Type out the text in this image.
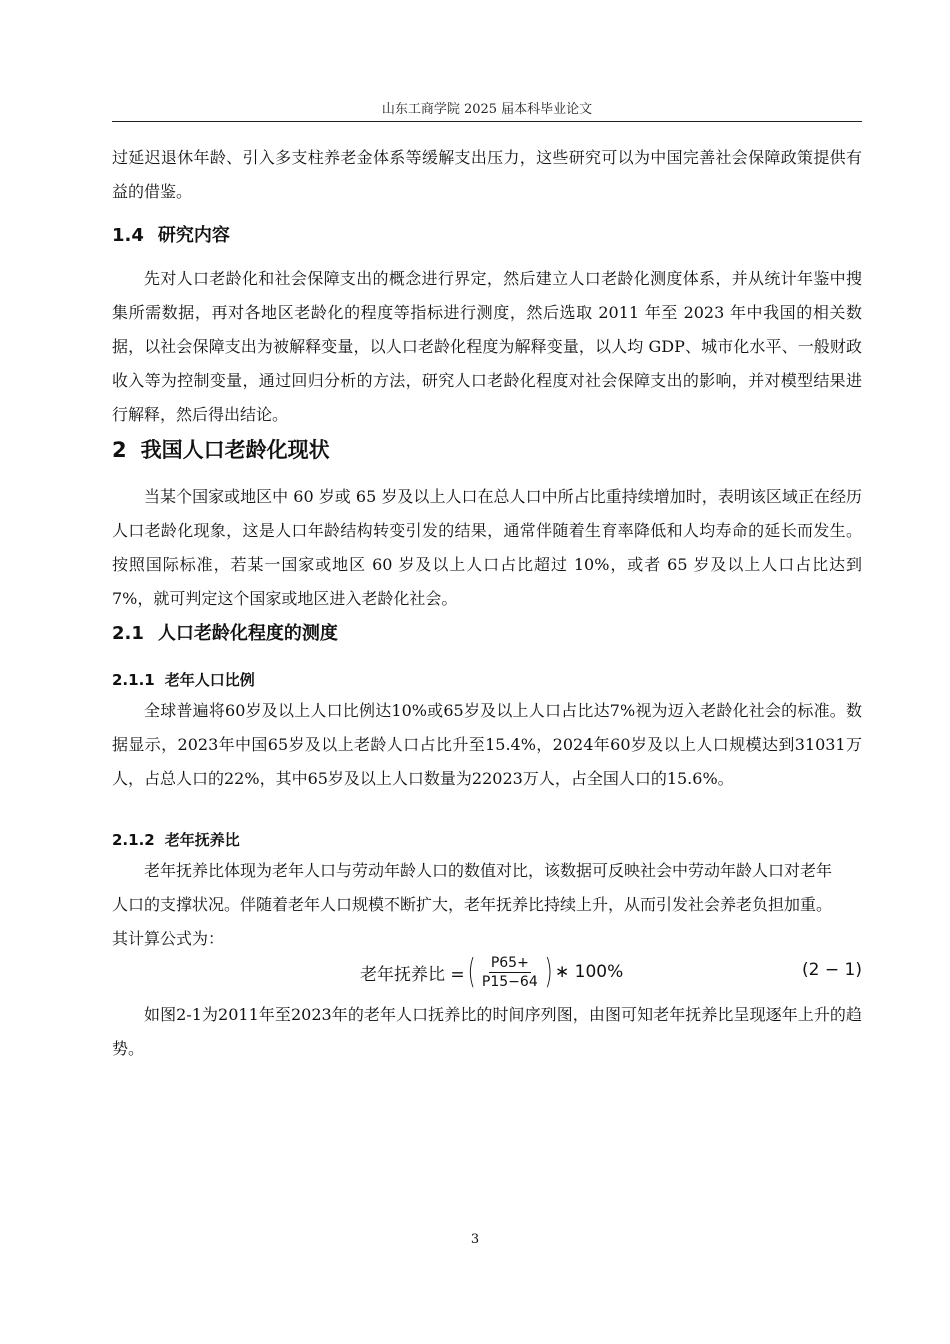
山东工商学院 2025 届本科毕业论文

过延迟退休年龄、引入多支柱养老金体系等缓解支出压力，这些研究可以为中国完善社会保障政策提供有益的借鉴。

1.4 研究内容

先对人口老龄化和社会保障支出的概念进行界定，然后建立人口老龄化测度体系，并从统计年鉴中搜集所需数据，再对各地区老龄化的程度等指标进行测度，然后选取 2011 年至 2023 年中我国的相关数据，以社会保障支出为被解释变量，以人口老龄化程度为解释变量，以人均 GDP、城市化水平、一般财政收入等为控制变量，通过回归分析的方法，研究人口老龄化程度对社会保障支出的影响，并对模型结果进行解释，然后得出结论。

2 我国人口老龄化现状

当某个国家或地区中 60 岁或 65 岁及以上人口在总人口中所占比重持续增加时，表明该区域正在经历人口老龄化现象，这是人口年龄结构转变引发的结果，通常伴随着生育率降低和人均寿命的延长而发生。按照国际标准，若某一国家或地区 60 岁及以上人口占比超过 10%，或者 65 岁及以上人口占比达到 7%，就可判定这个国家或地区进入老龄化社会。

2.1 人口老龄化程度的测度
2.1.1 老年人口比例

全球普遍将60岁及以上人口比例达10%或65岁及以上人口占比达7%视为迈入老龄化社会的标准。数据显示，2023年中国65岁及以上老龄人口占比升至15.4%，2024年60岁及以上人口规模达到31031万人，占总人口的22%，其中65岁及以上人口数量为22023万人，占全国人口的15.6%。

2.1.2 老年抚养比

老年抚养比体现为老年人口与劳动年龄人口的数值对比，该数据可反映社会中劳动年龄人口对老年人口的支撑状况。伴随着老年人口规模不断扩大，老年抚养比持续上升，从而引发社会养老负担加重。其计算公式为：

老年抚养比 = ( $\frac{P65+}{P15-64}$ ) ∗ 100%	(2 − 1)

如图2-1为2011年至2023年的老年人口抚养比的时间序列图，由图可知老年抚养比呈现逐年上升的趋势。

3
